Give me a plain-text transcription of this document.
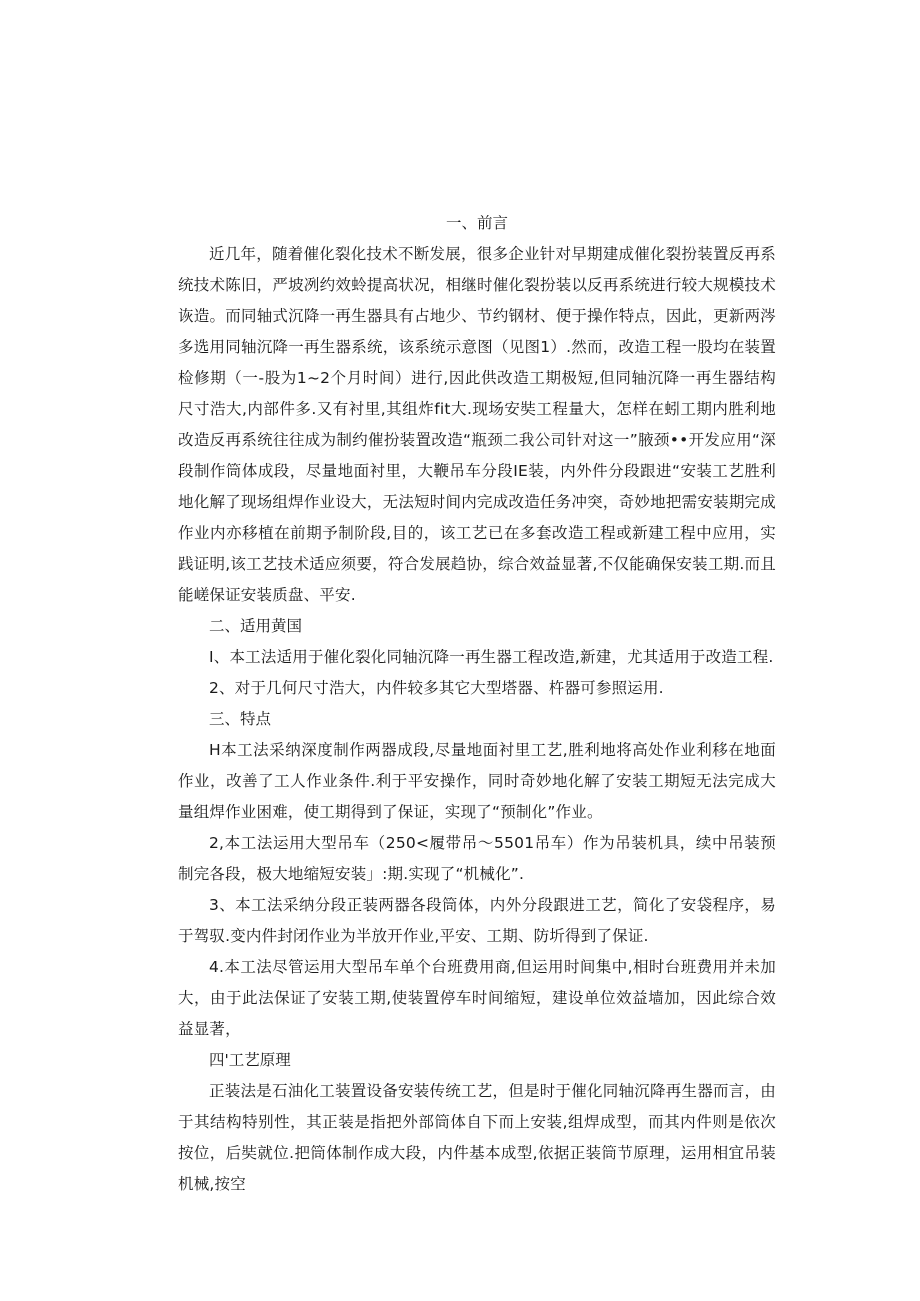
一、前言

近几年，随着催化裂化技术不断发展，很多企业针对早期建成催化裂扮装置反再系统技术陈旧，严坡冽约效蛉提高状况，相继时催化裂扮装以反再系统进行较大规模技术诙造。而同轴式沉降一再生器具有占地少、节约钢材、便于操作特点，因此，更新两涔多选用同轴沉降一再生器系统，该系统示意图（见图1）.然而，改造工程一股均在装置检修期（一-股为1~2个月时间）进行,因此供改造工期极短,但同轴沉降一再生器结构尺寸浩大,内部件多.又有衬里,其组炸fit大.现场安奘工程量大，怎样在蚓工期内胜利地改造反再系统往往成为制约催扮装置改造“瓶颈二我公司针对这一”腋颈••开发应用“深段制作筒体成段，尽量地面衬里，大鞭吊车分段IE装，内外件分段跟进“安装工艺胜利地化解了现场组焊作业设大，无法短时间内完成改造任务冲突，奇妙地把需安装期完成作业内亦移植在前期予制阶段,目的，该工艺已在多套改造工程或新建工程中应用，实践证明,该工艺技术适应须要，符合发展趋协，综合效益显著,不仅能确保安装工期.而且能嵯保证安装质盘、平安.

二、适用黄国

I、本工法适用于催化裂化同轴沉降一再生器工程改造,新建，尤其适用于改造工程.

2、对于几何尺寸浩大，内件较多其它大型塔器、杵器可参照运用.

三、特点

H本工法采纳深度制作两器成段,尽量地面衬里工艺,胜利地将高处作业利移在地面作业，改善了工人作业条件.利于平安操作，同时奇妙地化解了安装工期短无法完成大量组焊作业困难，使工期得到了保证，实现了“预制化”作业。

2,本工法运用大型吊车（250<履带吊〜5501吊车）作为吊装机具，续中吊装预制完各段，极大地缩短安装」:期.实现了“机械化”.

3、本工法采纳分段正装两器各段筒体，内外分段跟进工艺，简化了安袋程序，易于驾驭.变内件封闭作业为半放开作业,平安、工期、防圻得到了保证.

4.本工法尽管运用大型吊车单个台班费用商,但运用时间集中,相时台班费用并未加大，由于此法保证了安装工期,使装置停车时间缩短，建设单位效益墙加，因此综合效益显著，

四'工艺原理

正装法是石油化工装置设备安装传统工艺，但是时于催化同轴沉降再生器而言，由于其结构特别性，其正装是指把外部筒体自下而上安装,组焊成型，而其内件则是依次按位，后奘就位.把筒体制作成大段，内件基本成型,依据正装筒节原理，运用相宜吊装机械,按空
